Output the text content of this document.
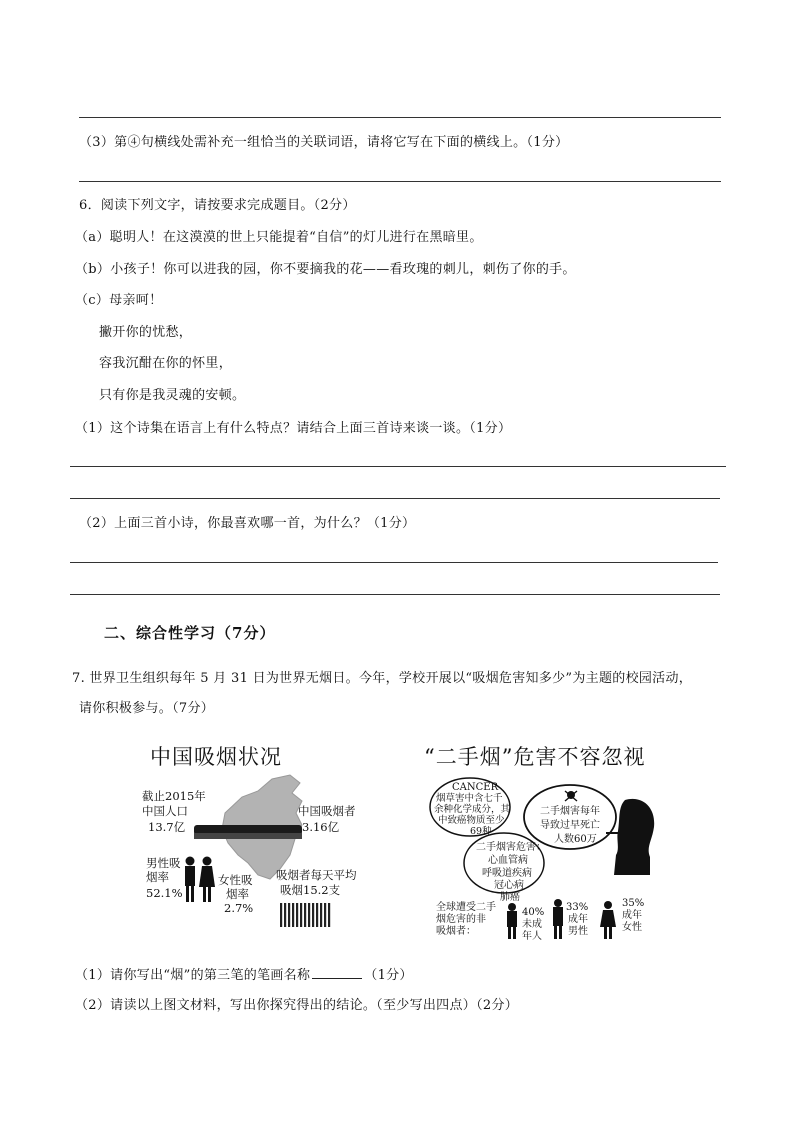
（3）第④句横线处需补充一组恰当的关联词语，请将它写在下面的横线上。（1分）
6．阅读下列文字，请按要求完成题目。（2分）
（a）聪明人！在这漠漠的世上只能提着“自信”的灯儿进行在黑暗里。
（b）小孩子！你可以进我的园，你不要摘我的花——看玫瑰的刺儿，刺伤了你的手。
（c）母亲呵！
撇开你的忧愁，
容我沉酣在你的怀里，
只有你是我灵魂的安顿。
（1）这个诗集在语言上有什么特点？请结合上面三首诗来谈一谈。（1分）
（2）上面三首小诗，你最喜欢哪一首，为什么？（1分）
二、综合性学习（7分）
7. 世界卫生组织每年 5 月 31 日为世界无烟日。今年，学校开展以“吸烟危害知多少”为主题的校园活动，
请你积极参与。（7分）
中国吸烟状况
截止2015年
中国人口
13.7亿
中国吸烟者
3.16亿
男性吸
烟率
52.1%
女性吸
烟率
2.7%
吸烟者每天平均
吸烟15.2支
“二手烟”危害不容忽视
CANCER
烟草害中含七千
余种化学成分，其
中致癌物质至少
69种
二手烟害每年
导致过早死亡
人数60万
二手烟害危害：
心血管病
呼吸道疾病
冠心病
肺癌
全球遭受二手
烟危害的非
吸烟者：
40%
未成
年人
33%
成年
男性
35%
成年
女性
（1）请你写出“烟”的第三笔的笔画名称	（1分）
（2）请读以上图文材料，写出你探究得出的结论。（至少写出四点）（2分）
